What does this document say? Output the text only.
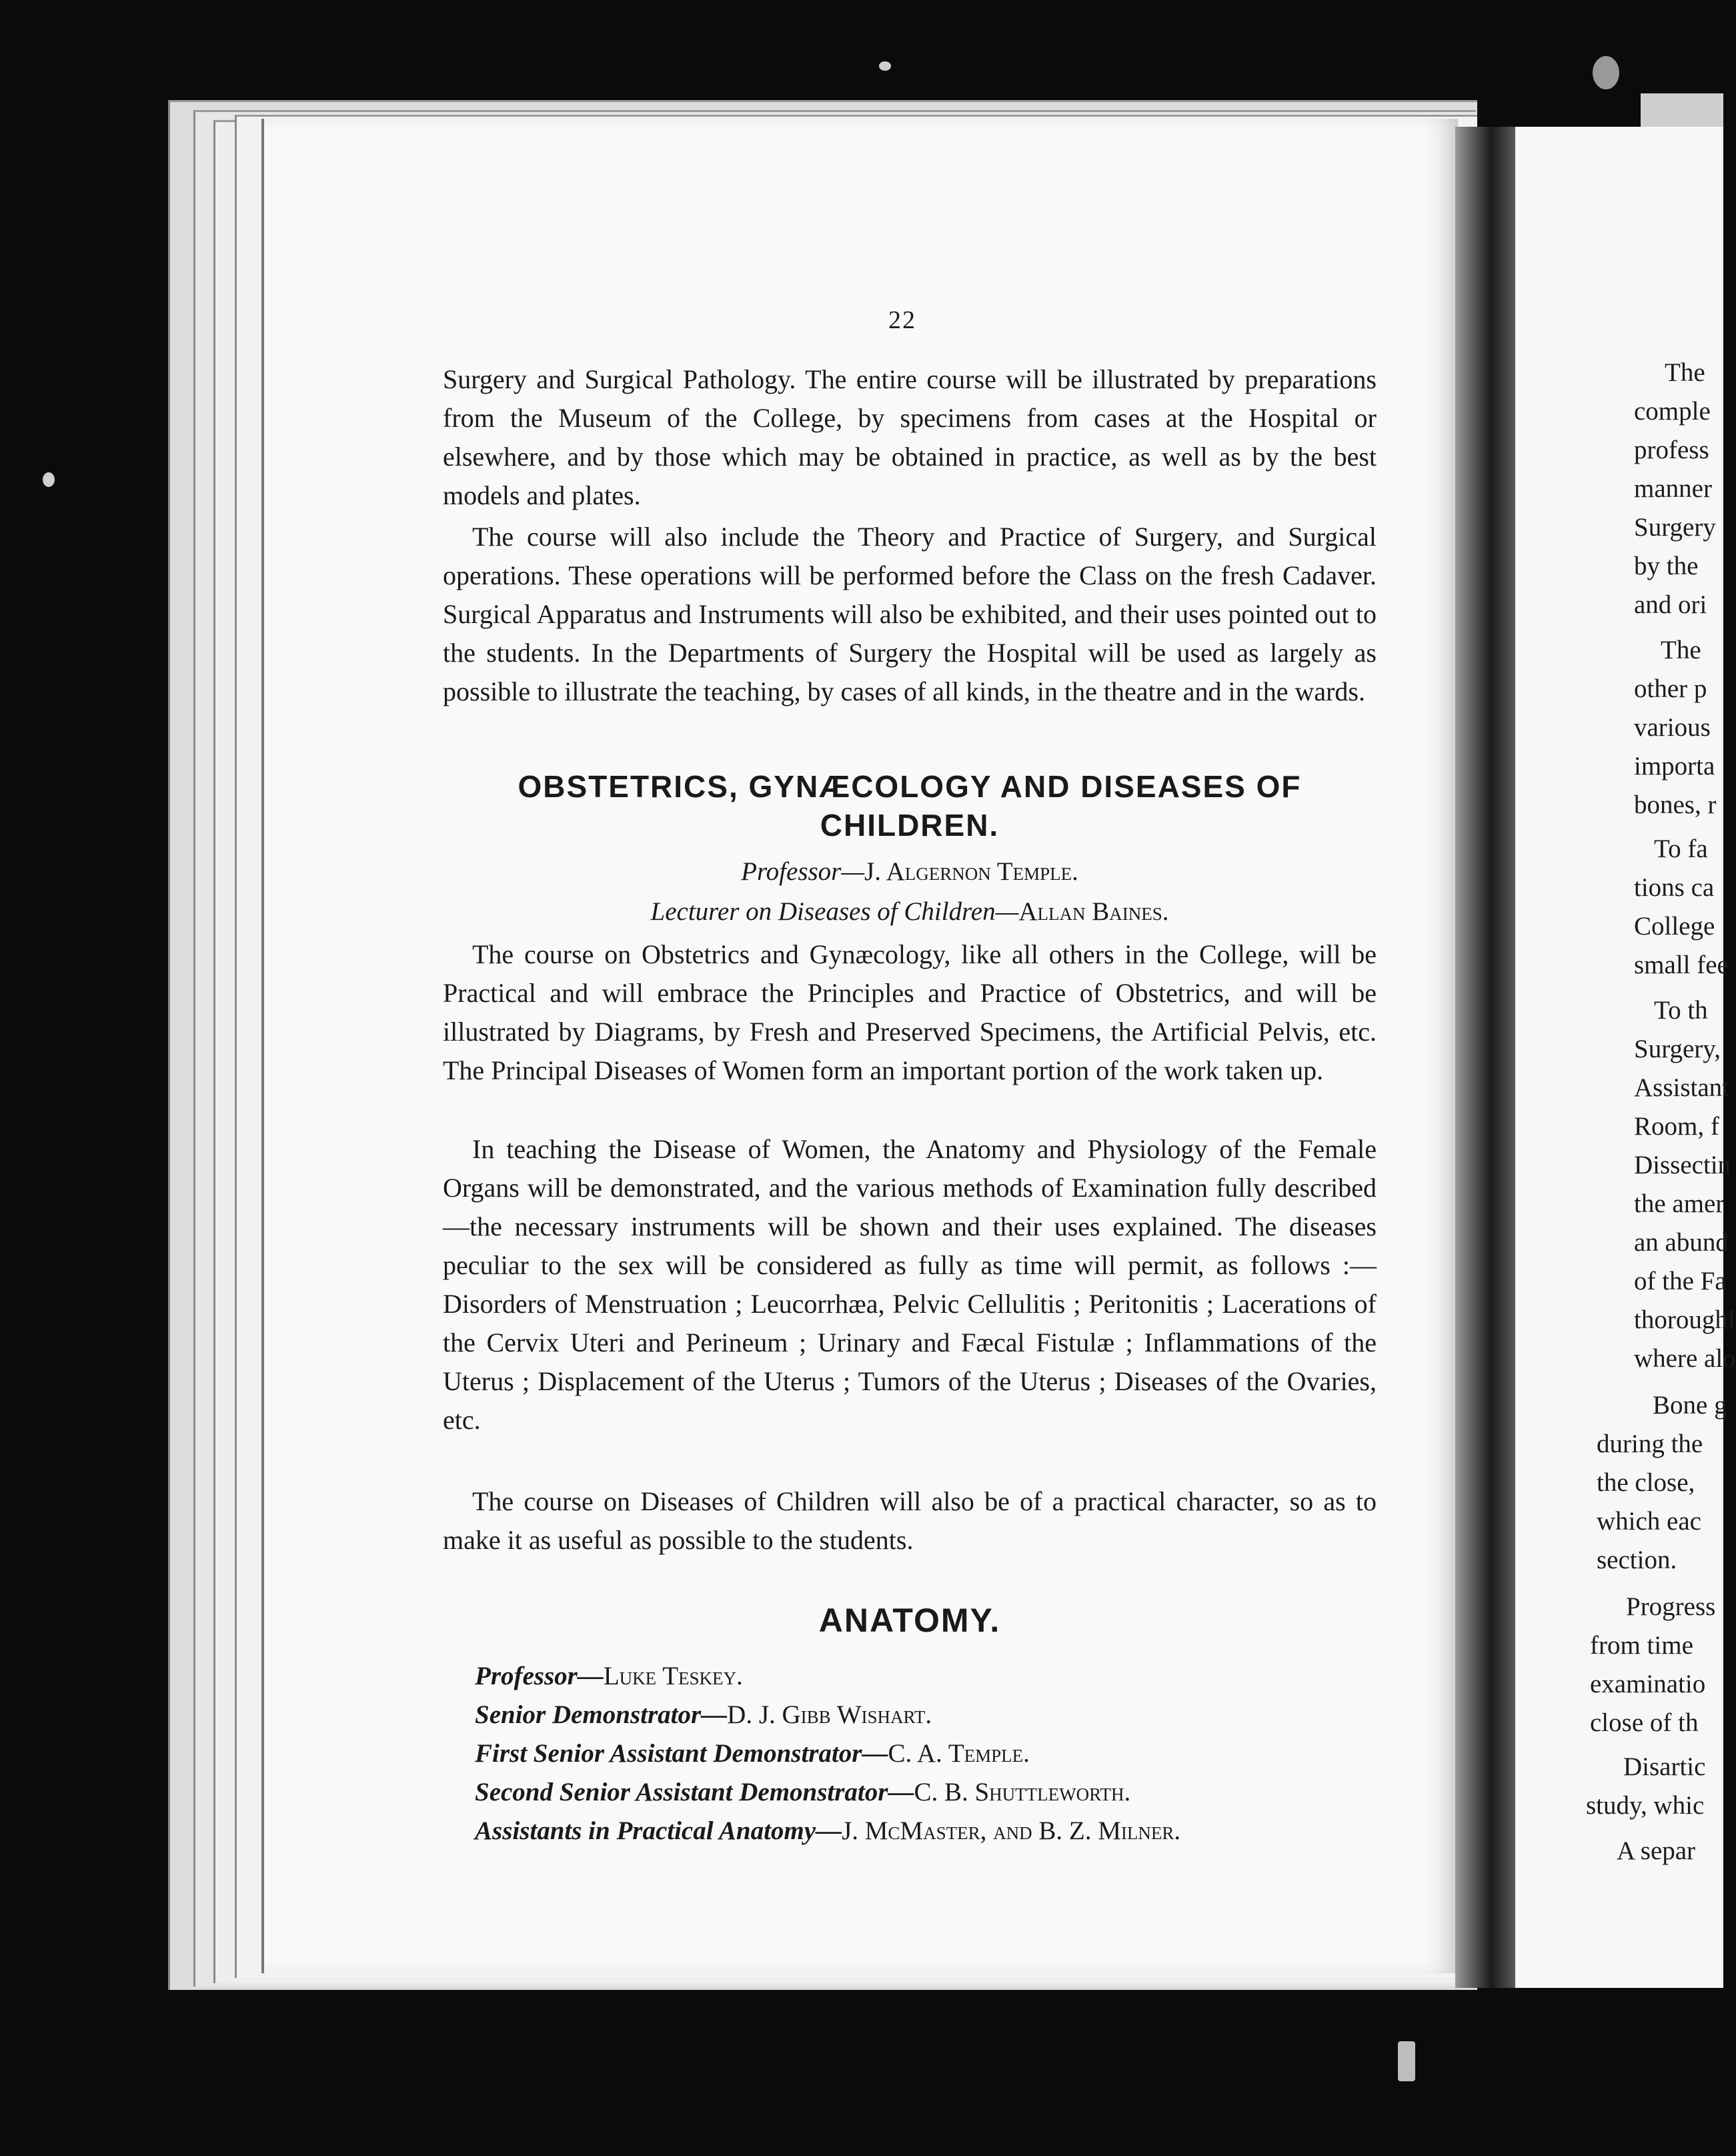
22

Surgery and Surgical Pathology. The entire course will be illustrated by preparations from the Museum of the College, by specimens from cases at the Hospital or elsewhere, and by those which may be obtained in practice, as well as by the best models and plates.

The course will also include the Theory and Practice of Surgery, and Surgical operations. These operations will be performed before the Class on the fresh Cadaver. Surgical Apparatus and Instruments will also be exhibited, and their uses pointed out to the students. In the Departments of Surgery the Hospital will be used as largely as possible to illustrate the teaching, by cases of all kinds, in the theatre and in the wards.

OBSTETRICS, GYNÆCOLOGY AND DISEASES OF
CHILDREN.
Professor—J. Algernon Temple.
Lecturer on Diseases of Children—Allan Baines.

The course on Obstetrics and Gynæcology, like all others in the College, will be Practical and will embrace the Principles and Practice of Obstetrics, and will be illustrated by Diagrams, by Fresh and Preserved Specimens, the Artificial Pelvis, etc. The Principal Diseases of Women form an important portion of the work taken up.

In teaching the Disease of Women, the Anatomy and Physiology of the Female Organs will be demonstrated, and the various methods of Examination fully described—the necessary instruments will be shown and their uses explained. The diseases peculiar to the sex will be considered as fully as time will permit, as follows :—Disorders of Menstruation ; Leucorrhæa, Pelvic Cellulitis ; Peritonitis ; Lacerations of the Cervix Uteri and Perineum ; Urinary and Fæcal Fistulæ ; Inflammations of the Uterus ; Displacement of the Uterus ; Tumors of the Uterus ; Diseases of the Ovaries, etc.

The course on Diseases of Children will also be of a practical character, so as to make it as useful as possible to the students.

ANATOMY.
Professor—Luke Teskey.
Senior Demonstrator—D. J. Gibb Wishart.
First Senior Assistant Demonstrator—C. A. Temple.
Second Senior Assistant Demonstrator—C. B. Shuttleworth.
Assistants in Practical Anatomy—J. McMaster, and B. Z. Milner.
The
comple
profess
manner
Surgery
by the
and ori
The
other p
various
importa
bones, r
To fa
tions ca
College
small fee
To th
Surgery,
Assistant
Room, f
Dissectin
the amer
an abund
of the Fa
thoroughl
where alo
Bone g
during the
the close,
which eac
section.
Progress
from time
examinatio
close of th
Disartic
study, whic
A separ
